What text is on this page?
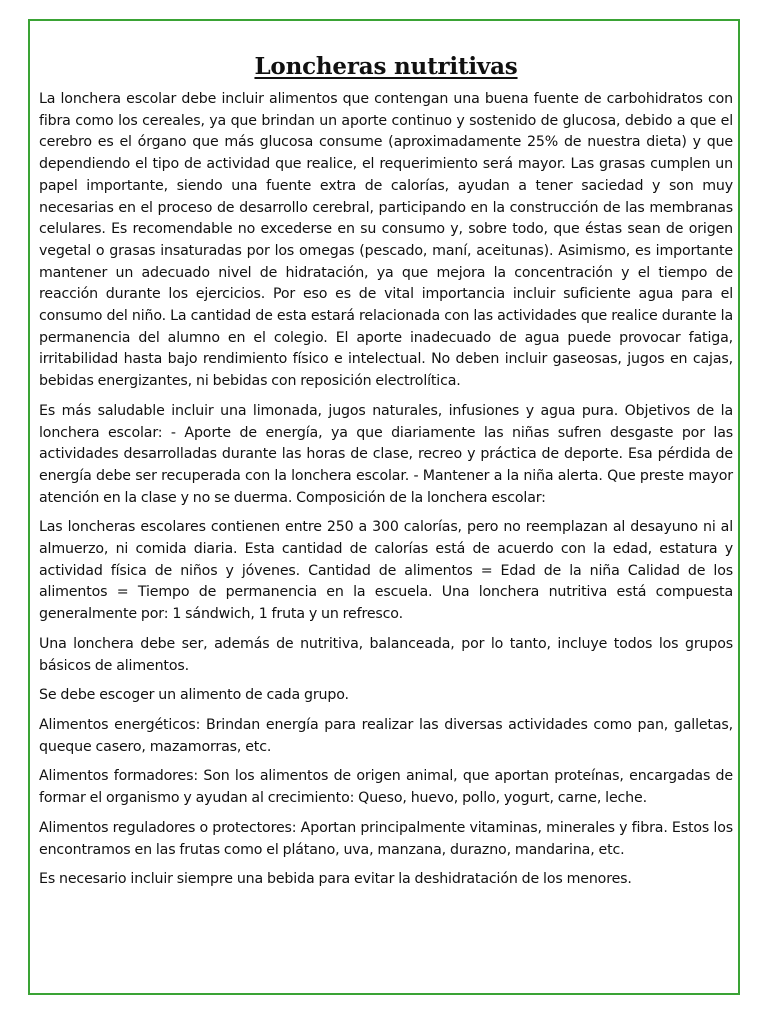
Loncheras nutritivas

La lonchera escolar debe incluir alimentos que contengan una buena fuente de carbohidratos con fibra como los cereales, ya que brindan un aporte continuo y sostenido de glucosa, debido a que el cerebro es el órgano que más glucosa consume (aproximadamente 25% de nuestra dieta) y que dependiendo el tipo de actividad que realice, el requerimiento será mayor. Las grasas cumplen un papel importante, siendo una fuente extra de calorías, ayudan a tener saciedad y son muy necesarias en el proceso de desarrollo cerebral, participando en la construcción de las membranas celulares. Es recomendable no excederse en su consumo y, sobre todo, que éstas sean de origen vegetal o grasas insaturadas por los omegas (pescado, maní, aceitunas). Asimismo, es importante mantener un adecuado nivel de hidratación, ya que mejora la concentración y el tiempo de reacción durante los ejercicios. Por eso es de vital importancia incluir suficiente agua para el consumo del niño. La cantidad de esta estará relacionada con las actividades que realice durante la permanencia del alumno en el colegio. El aporte inadecuado de agua puede provocar fatiga, irritabilidad hasta bajo rendimiento físico e intelectual. No deben incluir gaseosas, jugos en cajas, bebidas energizantes, ni bebidas con reposición electrolítica.

Es más saludable incluir una limonada, jugos naturales, infusiones y agua pura. Objetivos de la lonchera escolar: - Aporte de energía, ya que diariamente las niñas sufren desgaste por las actividades desarrolladas durante las horas de clase, recreo y práctica de deporte. Esa pérdida de energía debe ser recuperada con la lonchera escolar. - Mantener a la niña alerta. Que preste mayor atención en la clase y no se duerma. Composición de la lonchera escolar:

Las loncheras escolares contienen entre 250 a 300 calorías, pero no reemplazan al desayuno ni al almuerzo, ni comida diaria. Esta cantidad de calorías está de acuerdo con la edad, estatura y actividad física de niños y jóvenes. Cantidad de alimentos = Edad de la niña Calidad de los alimentos = Tiempo de permanencia en la escuela. Una lonchera nutritiva está compuesta generalmente por: 1 sándwich, 1 fruta y un refresco.

Una lonchera debe ser, además de nutritiva, balanceada, por lo tanto, incluye todos los grupos básicos de alimentos.

Se debe escoger un alimento de cada grupo.

Alimentos energéticos: Brindan energía para realizar las diversas actividades como pan, galletas, queque casero, mazamorras, etc.

Alimentos formadores: Son los alimentos de origen animal, que aportan proteínas, encargadas de formar el organismo y ayudan al crecimiento: Queso, huevo, pollo, yogurt, carne, leche.

Alimentos reguladores o protectores: Aportan principalmente vitaminas, minerales y fibra. Estos los encontramos en las frutas como el plátano, uva, manzana, durazno, mandarina, etc.

Es necesario incluir siempre una bebida para evitar la deshidratación de los menores.
